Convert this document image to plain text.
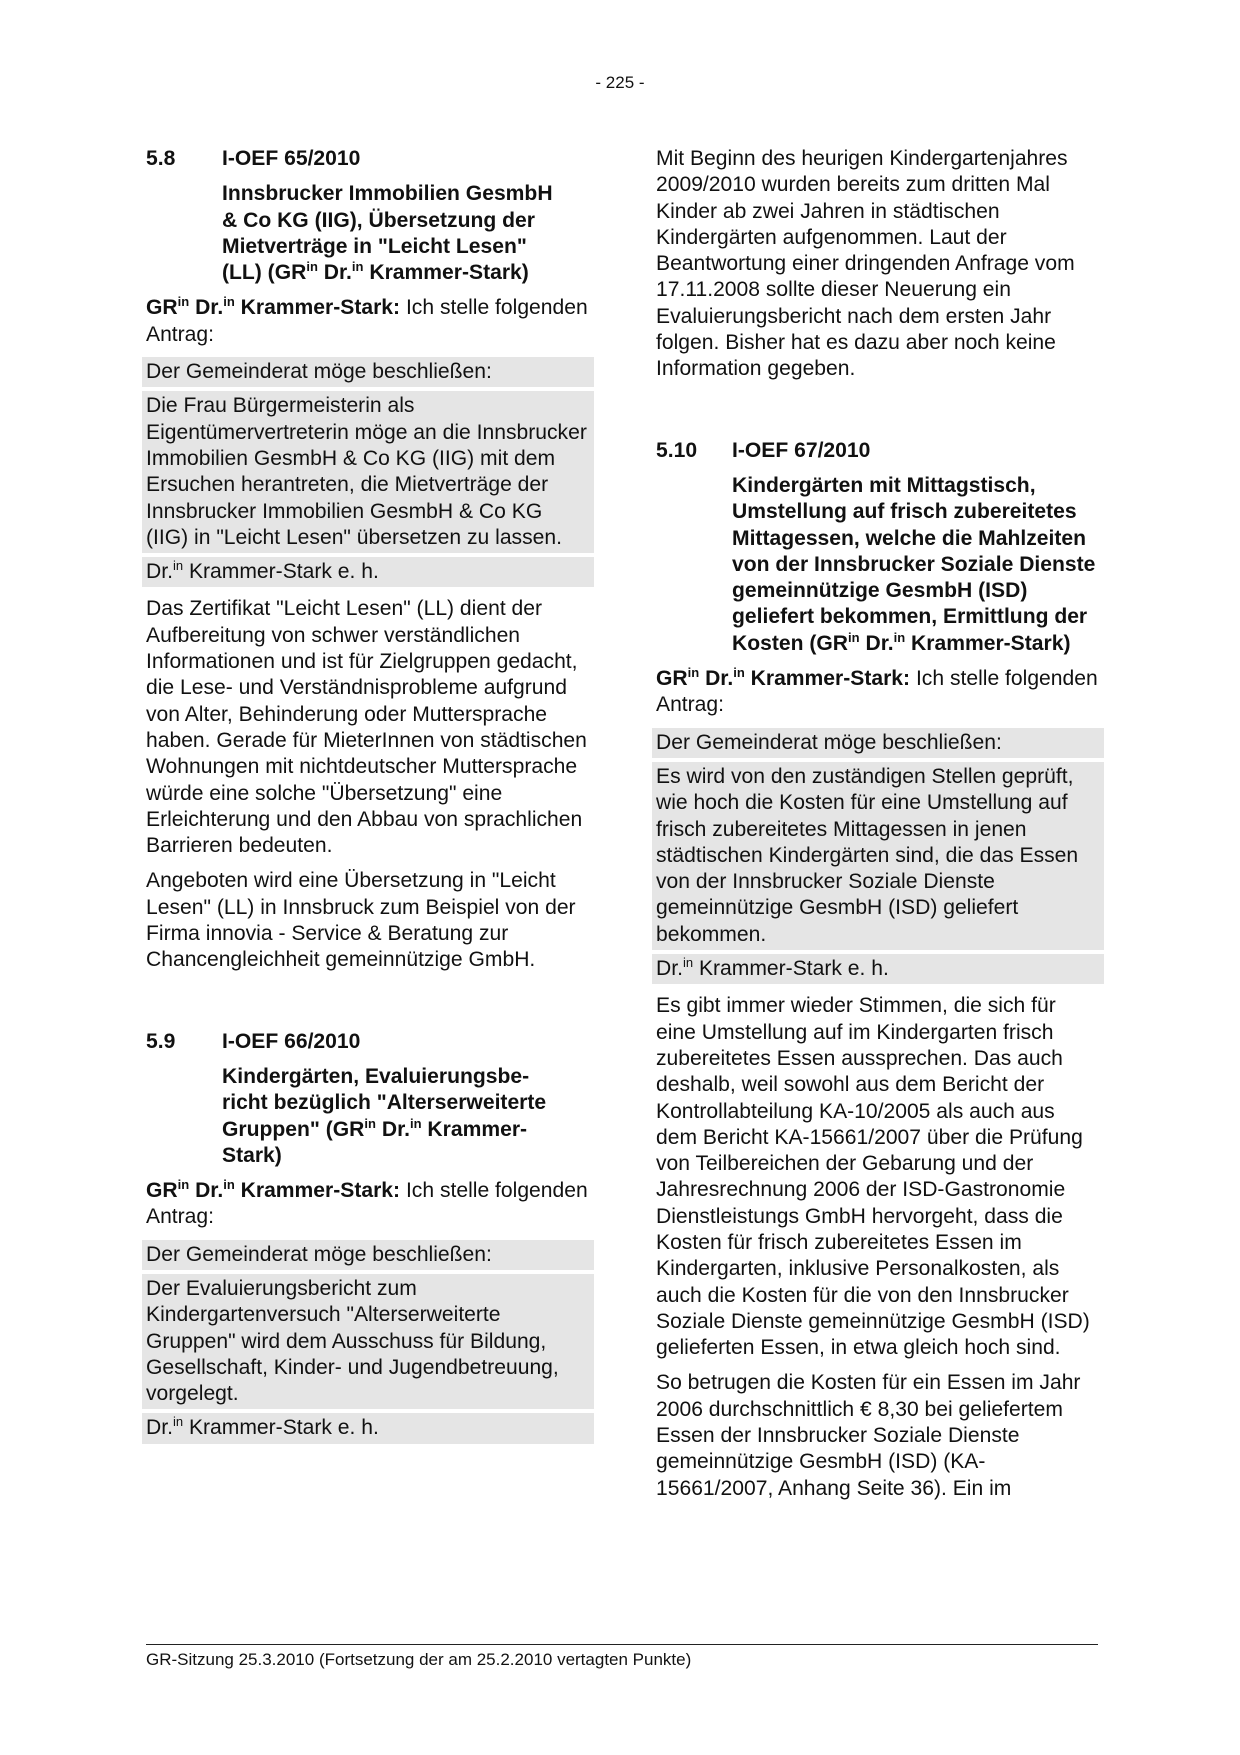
- 225 -
5.8	I-OEF 65/2010
Innsbrucker Immobilien GesmbH
& Co KG (IIG), Übersetzung der
Mietverträge in "Leicht Lesen"
(LL) ($GR^{in}$ Dr.$^{in}$ Krammer-Stark)

$GR^{in}$ Dr.$^{in}$ Krammer-Stark: Ich stelle folgenden Antrag:

Der Gemeinderat möge beschließen:

Die Frau Bürgermeisterin als Eigentümervertreterin möge an die Innsbrucker Immobilien GesmbH & Co KG (IIG) mit dem Ersuchen herantreten, die Mietverträge der Innsbrucker Immobilien GesmbH & Co KG (IIG) in "Leicht Lesen" übersetzen zu lassen.

Dr.$^{in}$ Krammer-Stark e. h.

Das Zertifikat "Leicht Lesen" (LL) dient der Aufbereitung von schwer verständlichen Informationen und ist für Zielgruppen gedacht, die Lese- und Verständnisprobleme aufgrund von Alter, Behinderung oder Muttersprache haben. Gerade für MieterInnen von städtischen Wohnungen mit nichtdeutscher Muttersprache würde eine solche "Übersetzung" eine Erleichterung und den Abbau von sprachlichen Barrieren bedeuten.

Angeboten wird eine Übersetzung in "Leicht Lesen" (LL) in Innsbruck zum Beispiel von der Firma innovia - Service & Beratung zur Chancengleichheit gemeinnützige GmbH.

5.9	I-OEF 66/2010
Kindergärten, Evaluierungsbe-
richt bezüglich "Alterserweiterte
Gruppen" ($GR^{in}$ Dr.$^{in}$ Krammer-
Stark)

$GR^{in}$ Dr.$^{in}$ Krammer-Stark: Ich stelle folgenden Antrag:

Der Gemeinderat möge beschließen:

Der Evaluierungsbericht zum Kindergartenversuch "Alterserweiterte Gruppen" wird dem Ausschuss für Bildung, Gesellschaft, Kinder- und Jugendbetreuung, vorgelegt.

Dr.$^{in}$ Krammer-Stark e. h.

Mit Beginn des heurigen Kindergartenjahres 2009/2010 wurden bereits zum dritten Mal Kinder ab zwei Jahren in städtischen Kindergärten aufgenommen. Laut der Beantwortung einer dringenden Anfrage vom 17.11.2008 sollte dieser Neuerung ein Evaluierungsbericht nach dem ersten Jahr folgen. Bisher hat es dazu aber noch keine Information gegeben.

5.10	I-OEF 67/2010
Kindergärten mit Mittagstisch, Umstellung auf frisch zubereitetes Mittagessen, welche die Mahlzeiten von der Innsbrucker Soziale Dienste gemeinnützige GesmbH (ISD) geliefert bekommen, Ermittlung der Kosten ($GR^{in}$ Dr.$^{in}$ Krammer-Stark)

$GR^{in}$ Dr.$^{in}$ Krammer-Stark: Ich stelle folgenden Antrag:

Der Gemeinderat möge beschließen:

Es wird von den zuständigen Stellen geprüft, wie hoch die Kosten für eine Umstellung auf frisch zubereitetes Mittagessen in jenen städtischen Kindergärten sind, die das Essen von der Innsbrucker Soziale Dienste gemeinnützige GesmbH (ISD) geliefert bekommen.

Dr.$^{in}$ Krammer-Stark e. h.

Es gibt immer wieder Stimmen, die sich für eine Umstellung auf im Kindergarten frisch zubereitetes Essen aussprechen. Das auch deshalb, weil sowohl aus dem Bericht der Kontrollabteilung KA-10/2005 als auch aus dem Bericht KA-15661/2007 über die Prüfung von Teilbereichen der Gebarung und der Jahresrechnung 2006 der ISD-Gastronomie Dienstleistungs GmbH hervorgeht, dass die Kosten für frisch zubereitetes Essen im Kindergarten, inklusive Personalkosten, als auch die Kosten für die von den Innsbrucker Soziale Dienste gemeinnützige GesmbH (ISD) gelieferten Essen, in etwa gleich hoch sind.

So betrugen die Kosten für ein Essen im Jahr 2006 durchschnittlich € 8,30 bei geliefertem Essen der Innsbrucker Soziale Dienste gemeinnützige GesmbH (ISD) (KA-15661/2007, Anhang Seite 36). Ein im

GR-Sitzung 25.3.2010 (Fortsetzung der am 25.2.2010 vertagten Punkte)
